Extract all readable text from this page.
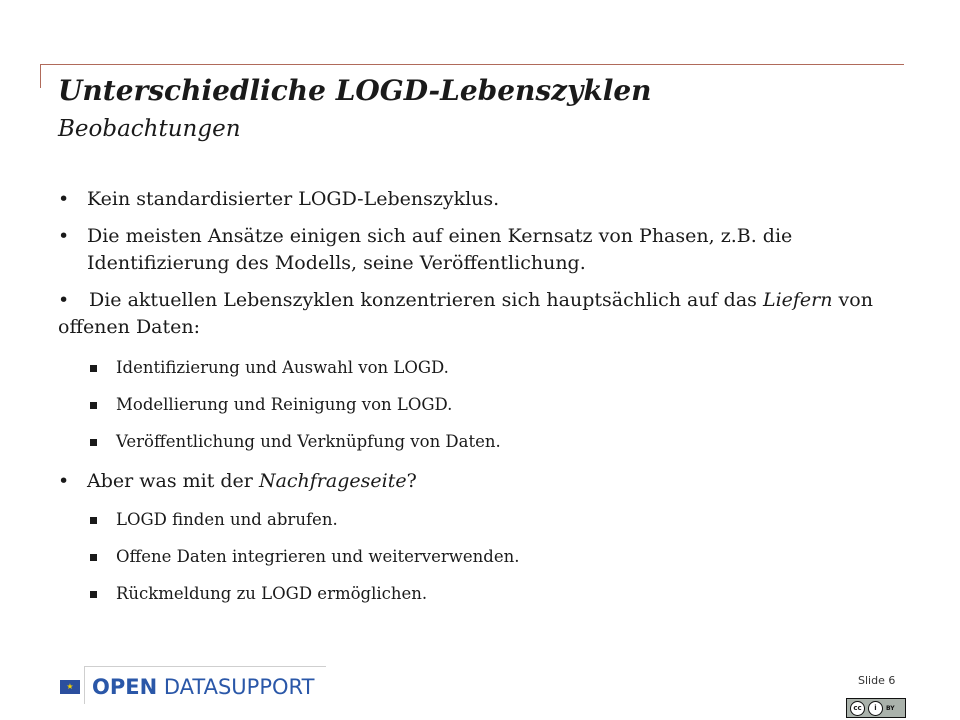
Unterschiedliche LOGD-Lebenszyklen
Beobachtungen

• Kein standardisierter LOGD-Lebenszyklus.

• Die meisten Ansätze einigen sich auf einen Kernsatz von Phasen, z.B. die Identifizierung des Modells, seine Veröffentlichung.

• Die aktuellen Lebenszyklen konzentrieren sich hauptsächlich auf das Liefern von offenen Daten:

Identifizierung und Auswahl von LOGD.

Modellierung und Reinigung von LOGD.

Veröffentlichung und Verknüpfung von Daten.

• Aber was mit der Nachfrageseite?

LOGD finden und abrufen.

Offene Daten integrieren und weiterverwenden.

Rückmeldung zu LOGD ermöglichen.

★ OPEN DATASUPPORT	Slide 6
cc	i	BY
